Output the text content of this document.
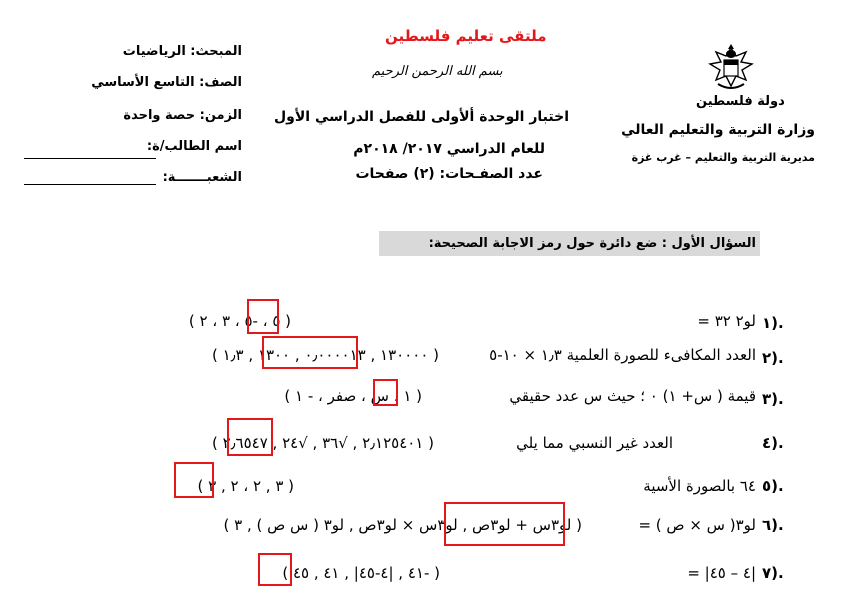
ملتقى تعليم فلسطين
بسم الله الرحمن الرحيم
اختبار الوحدة ألأولى للفصل الدراسي الأول
للعام الدراسي ٢٠١٧/ ٢٠١٨م
عدد الصفـحات: (٢) صفحات
دولة فلسطين
وزارة التربية والتعليم العالي
مديرية التربية والتعليم – غرب غزة
المبحث: الرياضيات
الصف: التاسع الأساسي
الزمن: حصة واحدة
اسم الطالب/ة:
الشعبـــــــة:
السؤال الأول : ضع دائرة حول رمز الاجابة الصحيحة:
١).
لو٢ ٣٢ =
( ٥ ، -٥ ، ٣ ، ٢ )
٢).
العدد المكافىء للصورة العلمية ١٫٣ × ١٠-٥
( ١٣٠٠٠٠ , ٠٫٠٠٠٠١٣ , ١٣٠٠ , ١٫٣ )
٣).
قيمة ( س+ ١) ٠ ؛ حيث س عدد حقيقي
( ١ ، س ، صفر ، - ١ )
٤).
العدد غير النسبي مما يلي
( ٢٫١٢٥٤٠١ , √٣٦ , √٢٤ , ٢٫٦٥٤٧ )
٥).
٦٤ بالصورة الأسية
( ٣ , ٢ ، ٢ , ٣ )
٦).
لو٣( س × ص ) =
( لو٣س + لو٣ص , لو٣س × لو٣ص , لو٣ ( س ص ) , ٣ )
٧).
|٤ – ٤٥| =
( -٤١ , |٤-٤٥| , ٤١ , ٤٥ )
